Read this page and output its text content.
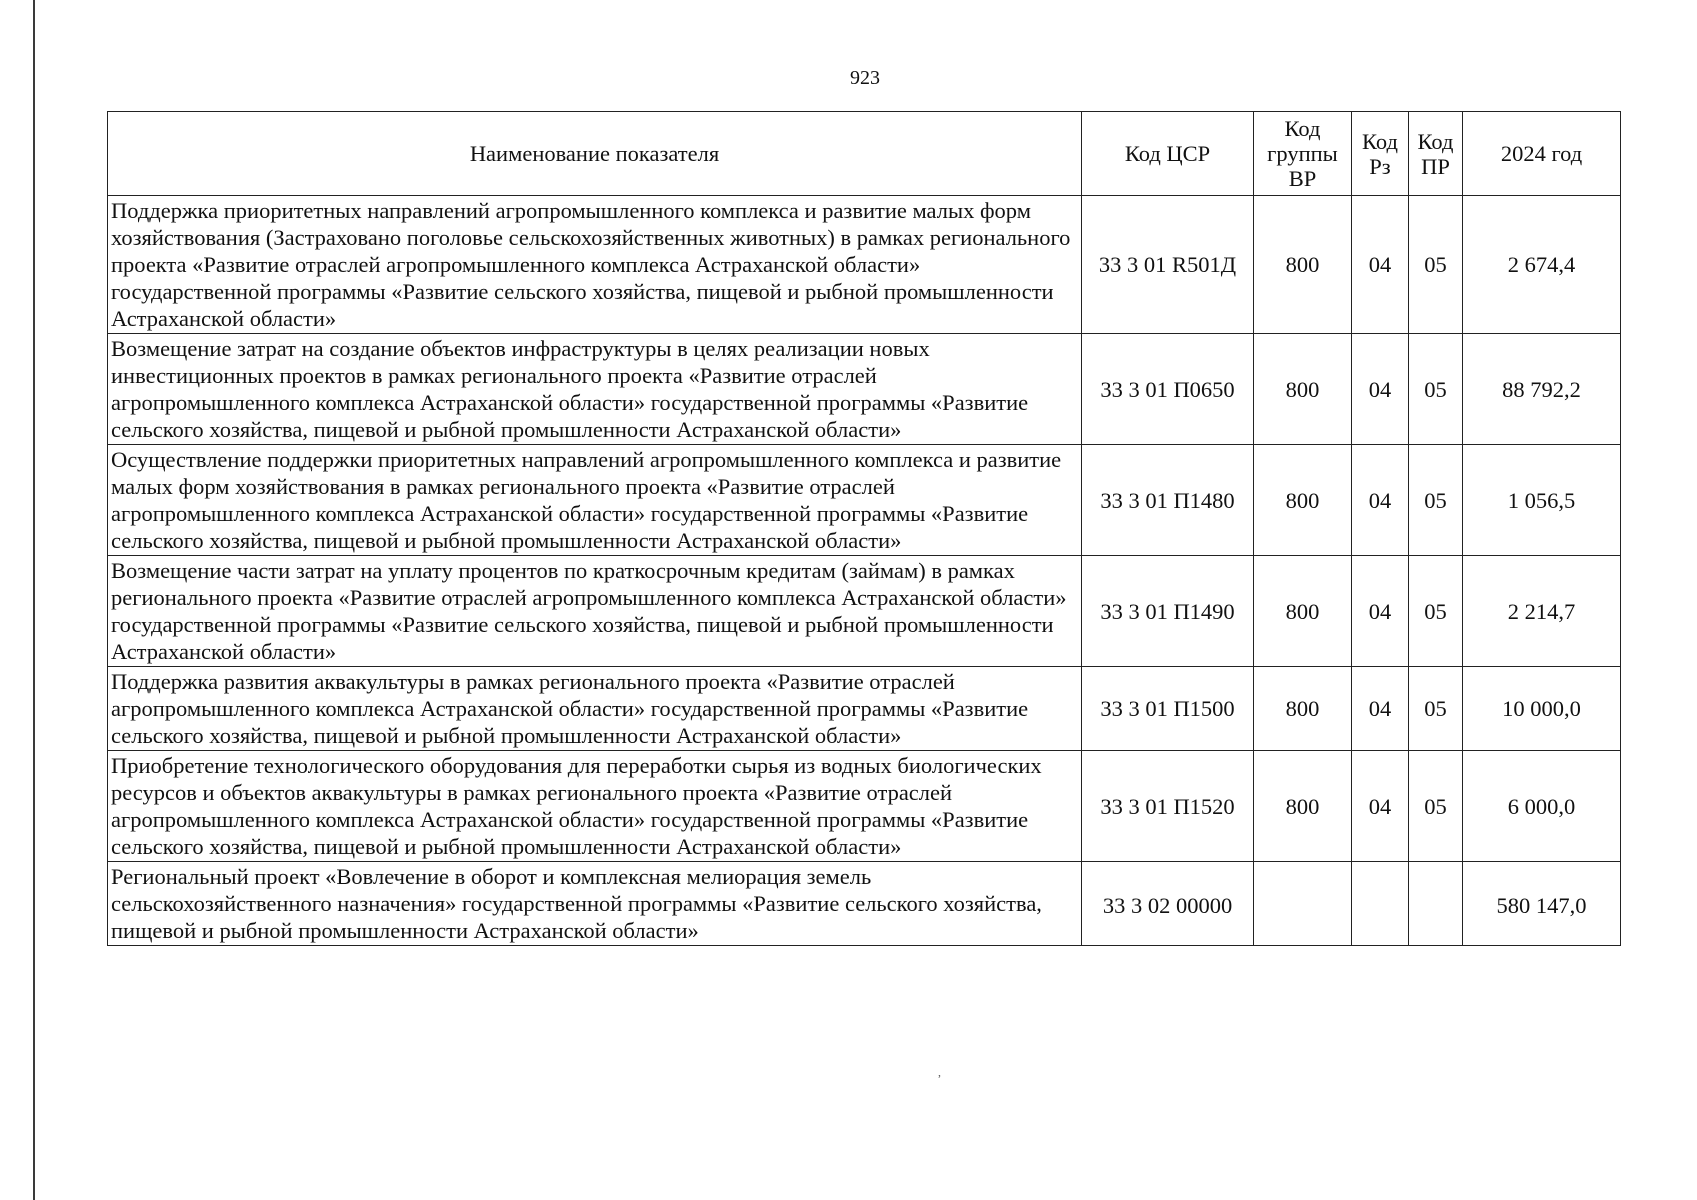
923
Наименование показателя	Код ЦСР	Код группы ВР	Код Рз	Код ПР	2024 год
Поддержка приоритетных направлений агропромышленного комплекса и развитие малых форм хозяйствования (Застраховано поголовье сельскохозяйственных животных) в рамках регионального проекта «Развитие отраслей агропромышленного комплекса Астраханской области» государственной программы «Развитие сельского хозяйства, пищевой и рыбной промышленности Астраханской области»	33 3 01 R501Д	800	04	05	2 674,4
Возмещение затрат на создание объектов инфраструктуры в целях реализации новых инвестиционных проектов в рамках регионального проекта «Развитие отраслей агропромышленного комплекса Астраханской области» государственной программы «Развитие сельского хозяйства, пищевой и рыбной промышленности Астраханской области»	33 3 01 П0650	800	04	05	88 792,2
Осуществление поддержки приоритетных направлений агропромышленного комплекса и развитие малых форм хозяйствования в рамках регионального проекта «Развитие отраслей агропромышленного комплекса Астраханской области» государственной программы «Развитие сельского хозяйства, пищевой и рыбной промышленности Астраханской области»	33 3 01 П1480	800	04	05	1 056,5
Возмещение части затрат на уплату процентов по краткосрочным кредитам (займам) в рамках регионального проекта «Развитие отраслей агропромышленного комплекса Астраханской области» государственной программы «Развитие сельского хозяйства, пищевой и рыбной промышленности Астраханской области»	33 3 01 П1490	800	04	05	2 214,7
Поддержка развития аквакультуры в рамках регионального проекта «Развитие отраслей агропромышленного комплекса Астраханской области» государственной программы «Развитие сельского хозяйства, пищевой и рыбной промышленности Астраханской области»	33 3 01 П1500	800	04	05	10 000,0
Приобретение технологического оборудования для переработки сырья из водных биологических ресурсов и объектов аквакультуры в рамках регионального проекта «Развитие отраслей агропромышленного комплекса Астраханской области» государственной программы «Развитие сельского хозяйства, пищевой и рыбной промышленности Астраханской области»	33 3 01 П1520	800	04	05	6 000,0
Региональный проект «Вовлечение в оборот и комплексная мелиорация земель сельскохозяйственного назначения» государственной программы «Развитие сельского хозяйства, пищевой и рыбной промышленности Астраханской области»	33 3 02 00000				580 147,0
,
